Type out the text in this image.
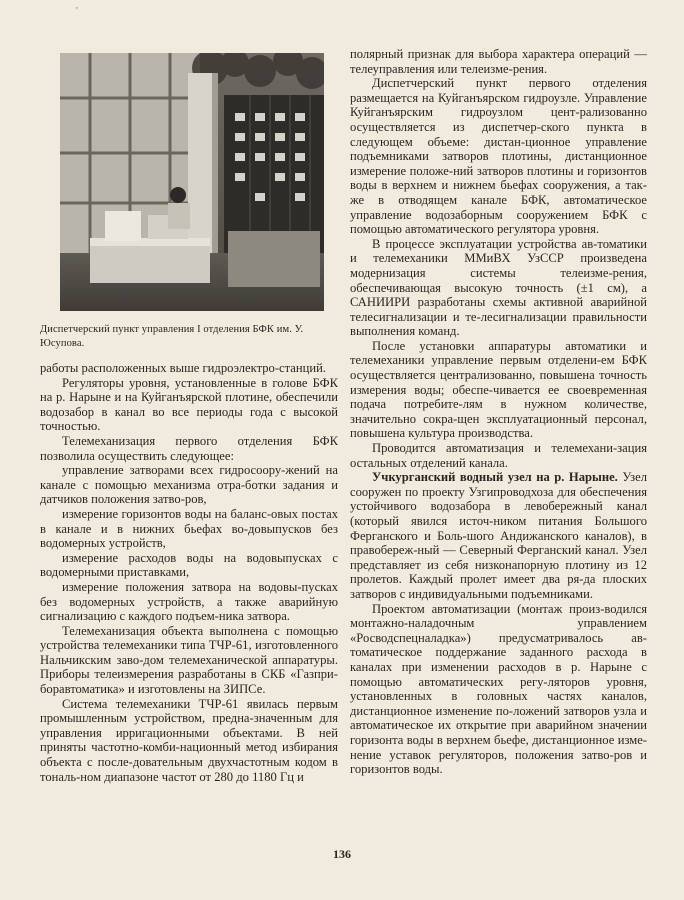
'
Диспетчерский пункт управления I отделения БФК им. У. Юсупова.

работы расположенных выше гидроэлектро-станций.

Регуляторы уровня, установленные в голове БФК на р. Нарыне и на Куйганъярской плотине, обеспечили водозабор в канал во все периоды года с высокой точностью.

Телемеханизация первого отделения БФК позволила осуществить следующее:

управление затворами всех гидросоору-жений на канале с помощью механизма отра-ботки задания и датчиков положения затво-ров,

измерение горизонтов воды на баланс-овых постах в канале и в нижних бьефах во-довыпусков без водомерных устройств,

измерение расходов воды на водовыпусках с водомерными приставками,

измерение положения затвора на водовы-пусках без водомерных устройств, а также аварийную сигнализацию с каждого подъем-ника затвора.

Телемеханизация объекта выполнена с помощью устройства телемеханики типа ТЧР-61, изготовленного Нальчикским заво-дом телемеханической аппаратуры. Приборы телеизмерения разработаны в СКБ «Газпри-боравтоматика» и изготовлены на ЗИПСе.

Система телемеханики ТЧР-61 явилась первым промышленным устройством, предна-значенным для управления ирригационными объектами. В ней приняты частотно-комби-национный метод избирания объекта с после-довательным двухчастотным кодом в тональ-ном диапазоне частот от 280 до 1180 Гц и

полярный признак для выбора характера операций — телеуправления или телеизме-рения.

Диспетчерский пункт первого отделения размещается на Куйганъярском гидроузле. Управление Куйганъярским гидроузлом цент-рализованно осуществляется из диспетчер-ского пункта в следующем объеме: дистан-ционное управление подъемниками затворов плотины, дистанционное измерение положе-ний затворов плотины и горизонтов воды в верхнем и нижнем бьефах сооружения, а так-же в отводящем канале БФК, автоматическое управление водозаборным сооружением БФК с помощью автоматического регулятора уровня.

В процессе эксплуатации устройства ав-томатики и телемеханики ММиВХ УзССР произведена модернизация системы телеизме-рения, обеспечивающая высокую точность (±1 см), а САНИИРИ разработаны схемы активной аварийной телесигнализации и те-лесигнализации правильности выполнения команд.

После установки аппаратуры автоматики и телемеханики управление первым отделени-ем БФК осуществляется централизованно, повышена точность измерения воды; обеспе-чивается ее своевременная подача потребите-лям в нужном количестве, значительно сокра-щен эксплуатационный персонал, повышена культура производства.

Проводится автоматизация и телемехани-зация остальных отделений канала.

Учкурганский водный узел на р. Нарыне. Узел сооружен по проекту Узгипроводхоза для обеспечения устойчивого водозабора в левобережный канал (который явился источ-ником питания Большого Ферганского и Боль-шого Андижанского каналов), в правобереж-ный — Северный Ферганский канал. Узел представляет из себя низконапорную плотину из 12 пролетов. Каждый пролет имеет два ря-да плоских затворов с индивидуальными подъемниками.

Проектом автоматизации (монтаж произ-водился монтажно-наладочным управлением «Росводспецналадка») предусматривалось ав-томатическое поддержание заданного расхода в каналах при изменении расходов в р. Нарыне с помощью автоматических регу-ляторов уровня, установленных в головных частях каналов, дистанционное изменение по-ложений затворов узла и автоматическое их открытие при аварийном значении горизонта воды в верхнем бьефе, дистанционное изме-нение уставок регуляторов, положения затво-ров и горизонтов воды.

136
